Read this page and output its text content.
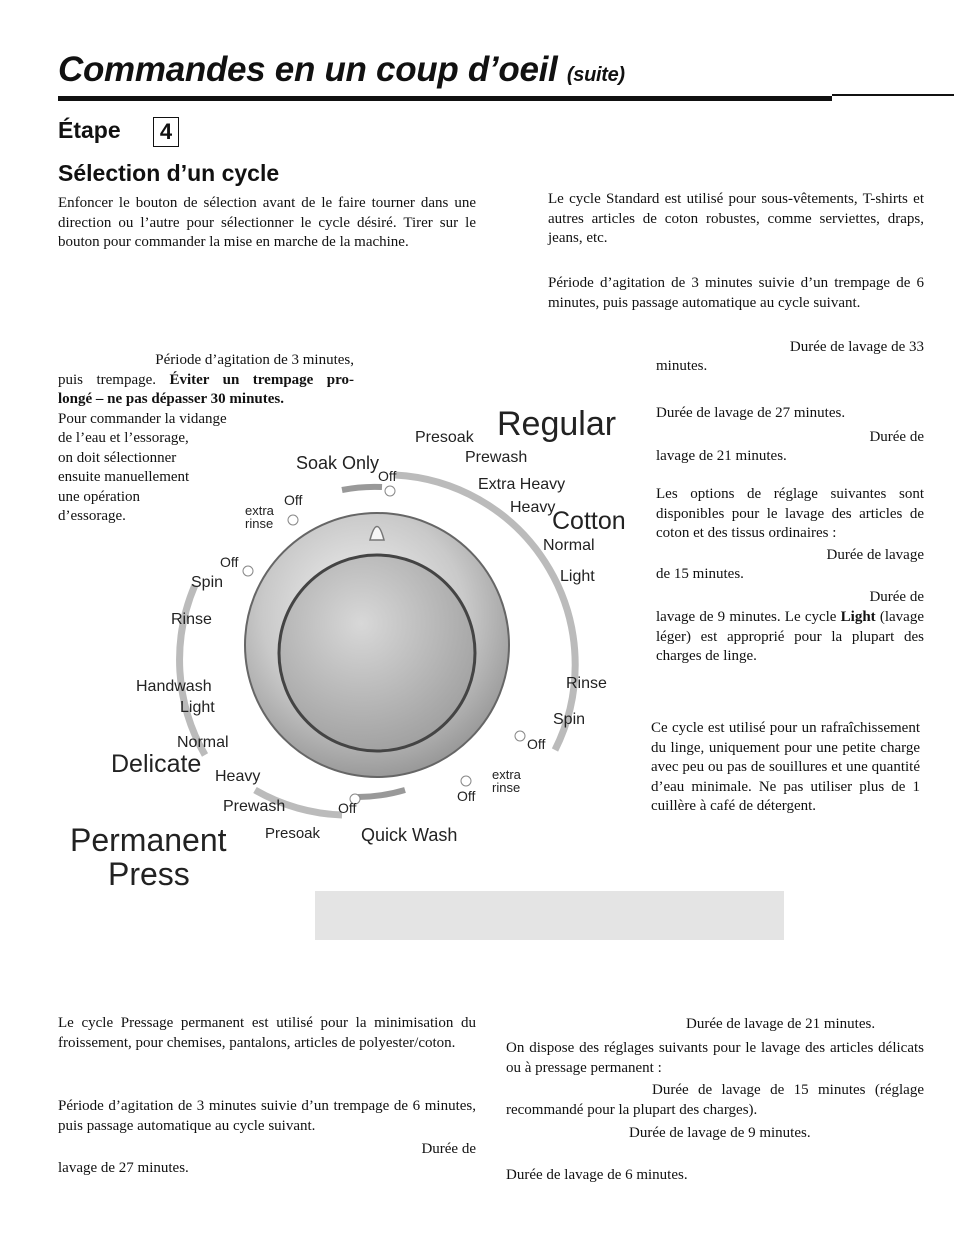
Commandes en un coup d’oeil (suite)
Étape	4
Sélection d’un cycle

Enfoncer le bouton de sélection avant de le faire tourner dans une direction ou l’autre pour sélectionner le cycle désiré. Tirer sur le bouton pour commander la mise en marche de la machine.

Le cycle Standard est utilisé pour sous-vêtements, T-shirts et autres articles de coton robustes, comme serviettes, draps, jeans, etc.

Période d’agitation de 3 minutes suivie d’un trempage de 6 minutes, puis passage automatique au cycle suivant.

Durée de lavage de 33

minutes.

Durée de lavage de 27 minutes.

Durée de

lavage de 21 minutes.

Les options de réglage suivantes sont disponibles pour le lavage des articles de coton et des tissus ordinaires :

Durée de lavage

de 15 minutes.

Durée de

lavage de 9 minutes. Le cycle Light (lavage léger) est approprié pour la plupart des charges de linge.

Période d’agitation de 3 minutes,
puis trempage. Éviter un trempage pro-
longé – ne pas dépasser 30 minutes.
Pour commander la vidange
de l’eau et l’essorage,
on doit sélectionner
ensuite manuellement
une opération
d’essorage.

Ce cycle est utilisé pour un rafraîchissement du linge, uniquement pour une petite charge avec peu ou pas de souillures et une quantité d’eau minimale. Ne pas utiliser plus de 1 cuillère à café de détergent.

Regular
Presoak
Prewash
Extra Heavy
Heavy
Cotton
Normal
Light
Rinse
Spin
Off
extra
rinse
Off
Quick Wash
Off
Presoak
Prewash
Heavy
Normal
Delicate
Light
Handwash
Rinse
Spin
Off
extra
rinse
Off
Soak Only
Off
Permanent
Press

Le cycle Pressage permanent est utilisé pour la minimisation du froissement, pour chemises, pantalons, articles de polyester/coton.

Période d’agitation de 3 minutes suivie d’un trempage de 6 minutes, puis passage automatique au cycle suivant.

Durée de

lavage de 27 minutes.

Durée de lavage de 21 minutes.

On dispose des réglages suivants pour le lavage des articles délicats ou à pressage permanent :

Durée de lavage de 15 minutes (réglage recommandé pour la plupart des charges).

Durée de lavage de 9 minutes.

Durée de lavage de 6 minutes.
